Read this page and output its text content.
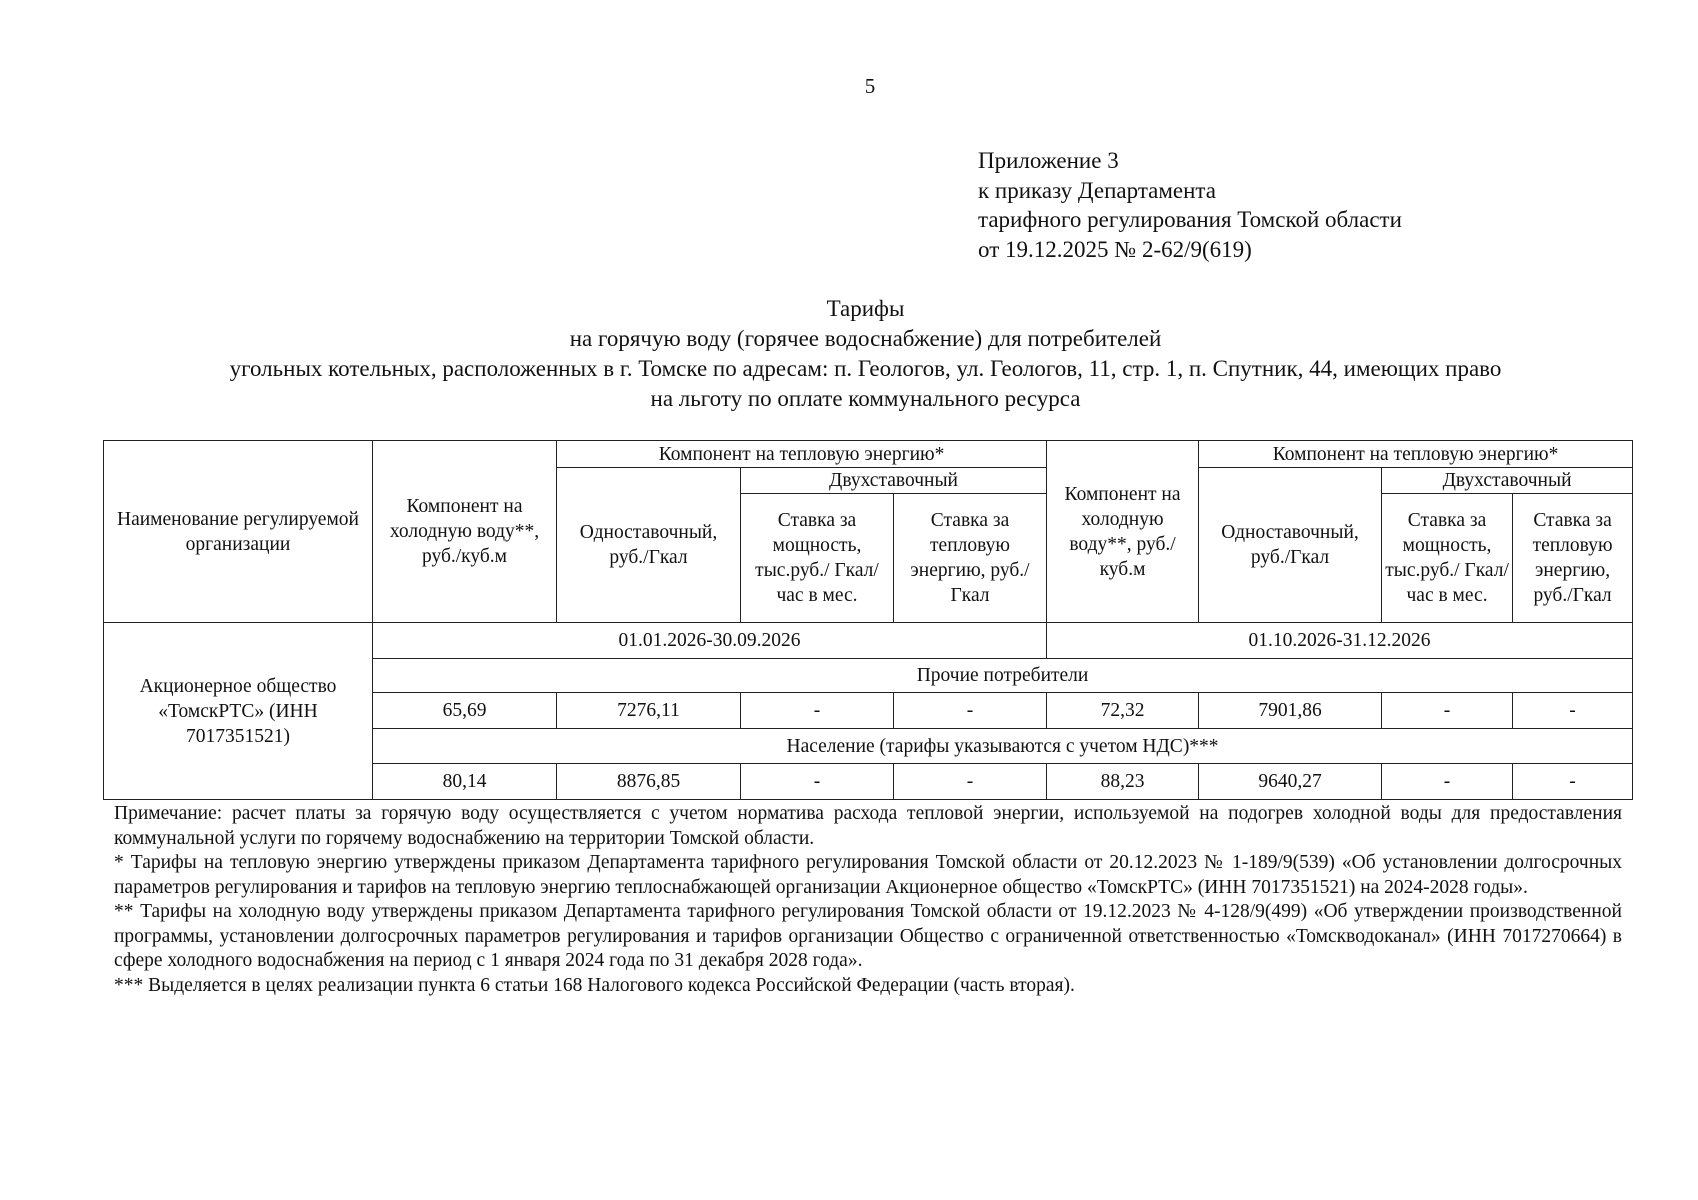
5
Приложение 3
к приказу Департамента
тарифного регулирования Томской области
от 19.12.2025 № 2-62/9(619)
Тарифы
на горячую воду (горячее водоснабжение) для потребителей
угольных котельных, расположенных в г. Томске по адресам: п. Геологов, ул. Геологов, 11, стр. 1, п. Спутник, 44, имеющих право
на льготу по оплате коммунального ресурса
Наименование регулируемой организации	Компонент на холодную воду**, руб./куб.м	Компонент на тепловую энергию*			Компонент на холодную воду**, руб./куб.м	Компонент на тепловую энергию*		
		Одноставочный, руб./Гкал	Двухставочный			Одноставочный, руб./Гкал	Двухставочный	
			Ставка за мощность, тыс.руб./ Гкал/час в мес.	Ставка за тепловую энергию, руб./Гкал			Ставка за мощность, тыс.руб./ Гкал/час в мес.	Ставка за тепловую энергию, руб./Гкал
Акционерное общество «ТомскРТС» (ИНН 7017351521)	01.01.2026-30.09.2026				01.10.2026-31.12.2026			
	Прочие потребители							
	65,69	7276,11	-	-	72,32	7901,86	-	-
	Население (тарифы указываются с учетом НДС)***							
	80,14	8876,85	-	-	88,23	9640,27	-	-

Примечание: расчет платы за горячую воду осуществляется с учетом норматива расхода тепловой энергии, используемой на подогрев холодной воды для предоставления коммунальной услуги по горячему водоснабжению на территории Томской области.

* Тарифы на тепловую энергию утверждены приказом Департамента тарифного регулирования Томской области от 20.12.2023 № 1-189/9(539) «Об установлении долгосрочных параметров регулирования и тарифов на тепловую энергию теплоснабжающей организации Акционерное общество «ТомскРТС» (ИНН 7017351521) на 2024-2028 годы».

** Тарифы на холодную воду утверждены приказом Департамента тарифного регулирования Томской области от 19.12.2023 № 4-128/9(499) «Об утверждении производственной программы, установлении долгосрочных параметров регулирования и тарифов организации Общество с ограниченной ответственностью «Томскводоканал» (ИНН 7017270664) в сфере холодного водоснабжения на период с 1 января 2024 года по 31 декабря 2028 года».

*** Выделяется в целях реализации пункта 6 статьи 168 Налогового кодекса Российской Федерации (часть вторая).
